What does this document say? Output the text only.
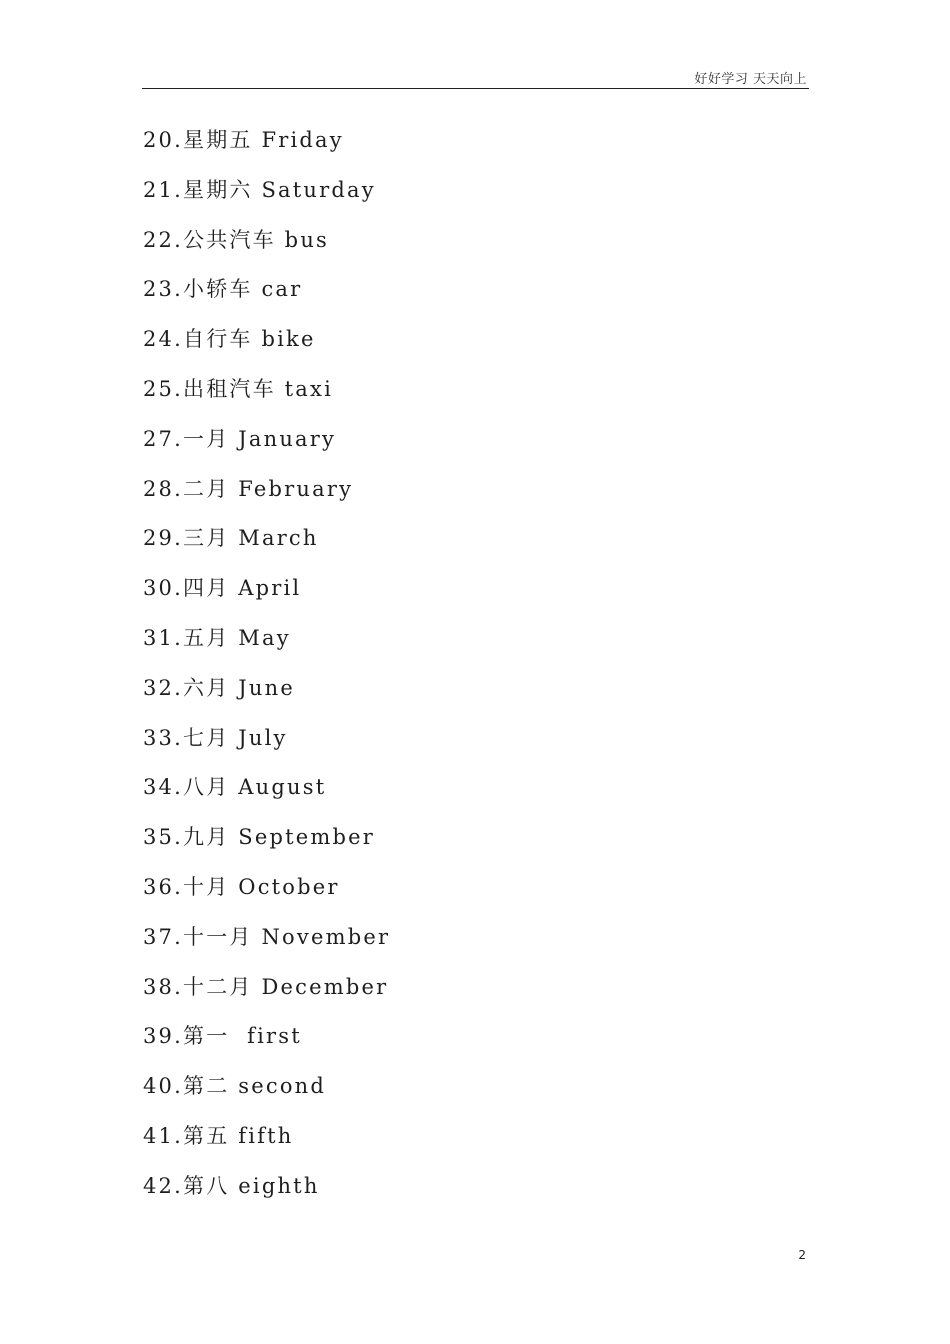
好好学习 天天向上
20.星期五 Friday
21.星期六 Saturday
22.公共汽车 bus
23.小轿车 car
24.自行车 bike
25.出租汽车 taxi
27.一月 January
28.二月 February
29.三月 March
30.四月 April
31.五月 May
32.六月 June
33.七月 July
34.八月 August
35.九月 September
36.十月 October
37.十一月 November
38.十二月 December
39.第一  first
40.第二 second
41.第五 fifth
42.第八 eighth
2
